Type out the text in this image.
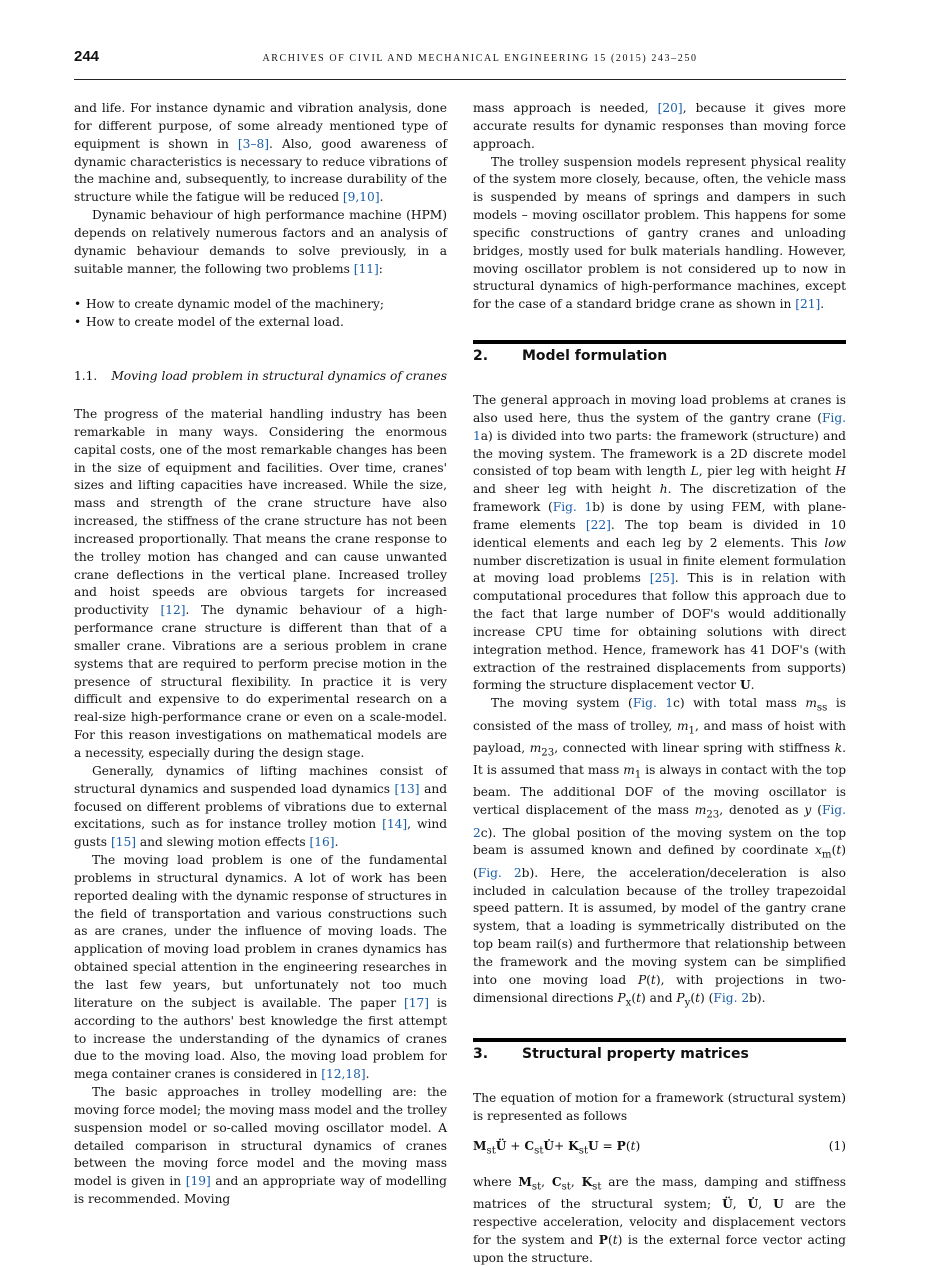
244	ARCHIVES OF CIVIL AND MECHANICAL ENGINEERING 15 (2015) 243–250

and life. For instance dynamic and vibration analysis, done for different purpose, of some already mentioned type of equipment is shown in [3–8]. Also, good awareness of dynamic characteristics is necessary to reduce vibrations of the machine and, subsequently, to increase durability of the structure while the fatigue will be reduced [9,10].

Dynamic behaviour of high performance machine (HPM) depends on relatively numerous factors and an analysis of dynamic behaviour demands to solve previously, in a suitable manner, the following two problems [11]:

• How to create dynamic model of the machinery;
• How to create model of the external load.
1.1. Moving load problem in structural dynamics of cranes

The progress of the material handling industry has been remarkable in many ways. Considering the enormous capital costs, one of the most remarkable changes has been in the size of equipment and facilities. Over time, cranes' sizes and lifting capacities have increased. While the size, mass and strength of the crane structure have also increased, the stiffness of the crane structure has not been increased proportionally. That means the crane response to the trolley motion has changed and can cause unwanted crane deflections in the vertical plane. Increased trolley and hoist speeds are obvious targets for increased productivity [12]. The dynamic behaviour of a high-performance crane structure is different than that of a smaller crane. Vibrations are a serious problem in crane systems that are required to perform precise motion in the presence of structural flexibility. In practice it is very difficult and expensive to do experimental research on a real-size high-performance crane or even on a scale-model. For this reason investigations on mathematical models are a necessity, especially during the design stage.

Generally, dynamics of lifting machines consist of structural dynamics and suspended load dynamics [13] and focused on different problems of vibrations due to external excitations, such as for instance trolley motion [14], wind gusts [15] and slewing motion effects [16].

The moving load problem is one of the fundamental problems in structural dynamics. A lot of work has been reported dealing with the dynamic response of structures in the field of transportation and various constructions such as are cranes, under the influence of moving loads. The application of moving load problem in cranes dynamics has obtained special attention in the engineering researches in the last few years, but unfortunately not too much literature on the subject is available. The paper [17] is according to the authors' best knowledge the first attempt to increase the understanding of the dynamics of cranes due to the moving load. Also, the moving load problem for mega container cranes is considered in [12,18].

The basic approaches in trolley modelling are: the moving force model; the moving mass model and the trolley suspension model or so-called moving oscillator model. A detailed comparison in structural dynamics of cranes between the moving force model and the moving mass model is given in [19] and an appropriate way of modelling is recommended. Moving

mass approach is needed, [20], because it gives more accurate results for dynamic responses than moving force approach.

The trolley suspension models represent physical reality of the system more closely, because, often, the vehicle mass is suspended by means of springs and dampers in such models – moving oscillator problem. This happens for some specific constructions of gantry cranes and unloading bridges, mostly used for bulk materials handling. However, moving oscillator problem is not considered up to now in structural dynamics of high-performance machines, except for the case of a standard bridge crane as shown in [21].

2. Model formulation

The general approach in moving load problems at cranes is also used here, thus the system of the gantry crane (Fig. 1a) is divided into two parts: the framework (structure) and the moving system. The framework is a 2D discrete model consisted of top beam with length L, pier leg with height H and sheer leg with height h. The discretization of the framework (Fig. 1b) is done by using FEM, with plane-frame elements [22]. The top beam is divided in 10 identical elements and each leg by 2 elements. This low number discretization is usual in finite element formulation at moving load problems [25]. This is in relation with computational procedures that follow this approach due to the fact that large number of DOF's would additionally increase CPU time for obtaining solutions with direct integration method. Hence, framework has 41 DOF's (with extraction of the restrained displacements from supports) forming the structure displacement vector U.

The moving system (Fig. 1c) with total mass $m_{ss}$ is consisted of the mass of trolley, $m_1$, and mass of hoist with payload, $m_{23}$, connected with linear spring with stiffness k. It is assumed that mass $m_1$ is always in contact with the top beam. The additional DOF of the moving oscillator is vertical displacement of the mass $m_{23}$, denoted as y (Fig. 2c). The global position of the moving system on the top beam is assumed known and defined by coordinate $x_m(t)$ (Fig. 2b). Here, the acceleration/deceleration is also included in calculation because of the trolley trapezoidal speed pattern. It is assumed, by model of the gantry crane system, that a loading is symmetrically distributed on the top beam rail(s) and furthermore that relationship between the framework and the moving system can be simplified into one moving load P(t), with projections in two-dimensional directions $P_x(t)$ and $P_y(t)$ (Fig. 2b).

3. Structural property matrices

The equation of motion for a framework (structural system) is represented as follows

$M_{st}Ü$ + $C_{st}U̇+ K_{st}U = P(t)$	(1)

where $M_{st}$, $C_{st}$, $K_{st}$ are the mass, damping and stiffness matrices of the structural system; Ü, U̇, U are the respective acceleration, velocity and displacement vectors for the system and P(t) is the external force vector acting upon the structure.
